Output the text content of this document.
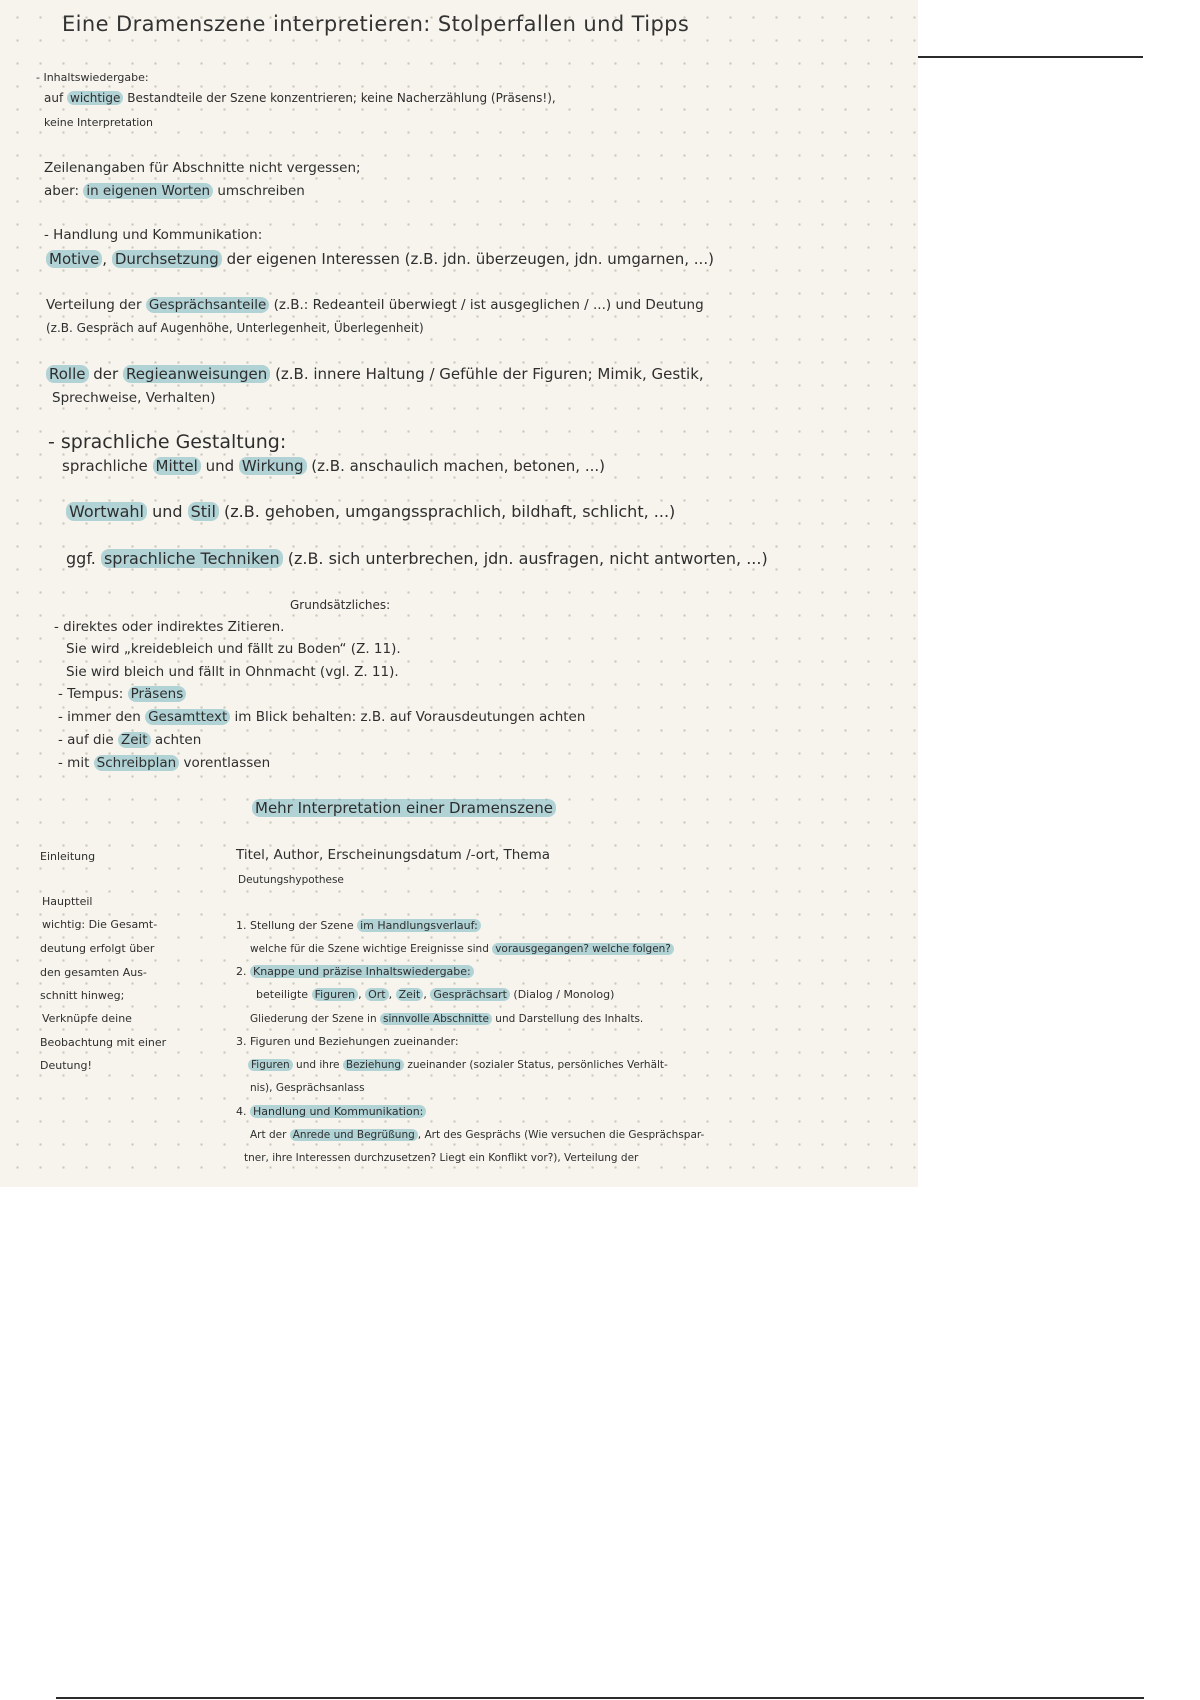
Eine Dramenszene interpretieren: Stolperfallen und Tipps
- Inhaltswiedergabe:
auf wichtige Bestandteile der Szene konzentrieren; keine Nacherzählung (Präsens!),
keine Interpretation
Zeilenangaben für Abschnitte nicht vergessen;
aber: in eigenen Worten umschreiben
- Handlung und Kommunikation:
Motive , Durchsetzung der eigenen Interessen (z.B. jdn. überzeugen, jdn. umgarnen, ...)
Verteilung der Gesprächsanteile (z.B.: Redeanteil überwiegt / ist ausgeglichen / ...) und Deutung
(z.B. Gespräch auf Augenhöhe, Unterlegenheit, Überlegenheit)
Rolle der Regieanweisungen (z.B. innere Haltung / Gefühle der Figuren; Mimik, Gestik,
Sprechweise, Verhalten)
- sprachliche Gestaltung:
sprachliche Mittel und Wirkung (z.B. anschaulich machen, betonen, ...)
Wortwahl und Stil (z.B. gehoben, umgangssprachlich, bildhaft, schlicht, ...)
ggf. sprachliche Techniken (z.B. sich unterbrechen, jdn. ausfragen, nicht antworten, ...)
Grundsätzliches:
- direktes oder indirektes Zitieren.
Sie wird „kreidebleich und fällt zu Boden“ (Z. 11).
Sie wird bleich und fällt in Ohnmacht (vgl. Z. 11).
- Tempus: Präsens
- immer den Gesamttext im Blick behalten: z.B. auf Vorausdeutungen achten
- auf die Zeit achten
- mit Schreibplan vorentlassen
Mehr Interpretation einer Dramenszene
Einleitung	Titel, Author, Erscheinungsdatum /-ort, Thema
Deutungshypothese
Hauptteil
wichtig: Die Gesamt-
deutung erfolgt über
den gesamten Aus-
schnitt hinweg;
Verknüpfe deine
Beobachtung mit einer
Deutung!
1. Stellung der Szene im Handlungsverlauf:
welche für die Szene wichtige Ereignisse sind vorausgegangen? welche folgen?
2. Knappe und präzise Inhaltswiedergabe:
beteiligte Figuren , Ort , Zeit , Gesprächsart (Dialog / Monolog)
Gliederung der Szene in sinnvolle Abschnitte und Darstellung des Inhalts.
3. Figuren und Beziehungen zueinander:
Figuren und ihre Beziehung zueinander (sozialer Status, persönliches Verhält-
nis), Gesprächsanlass
4. Handlung und Kommunikation:
Art der Anrede und Begrüßung , Art des Gesprächs (Wie versuchen die Gesprächspar-
tner, ihre Interessen durchzusetzen? Liegt ein Konflikt vor?), Verteilung der
